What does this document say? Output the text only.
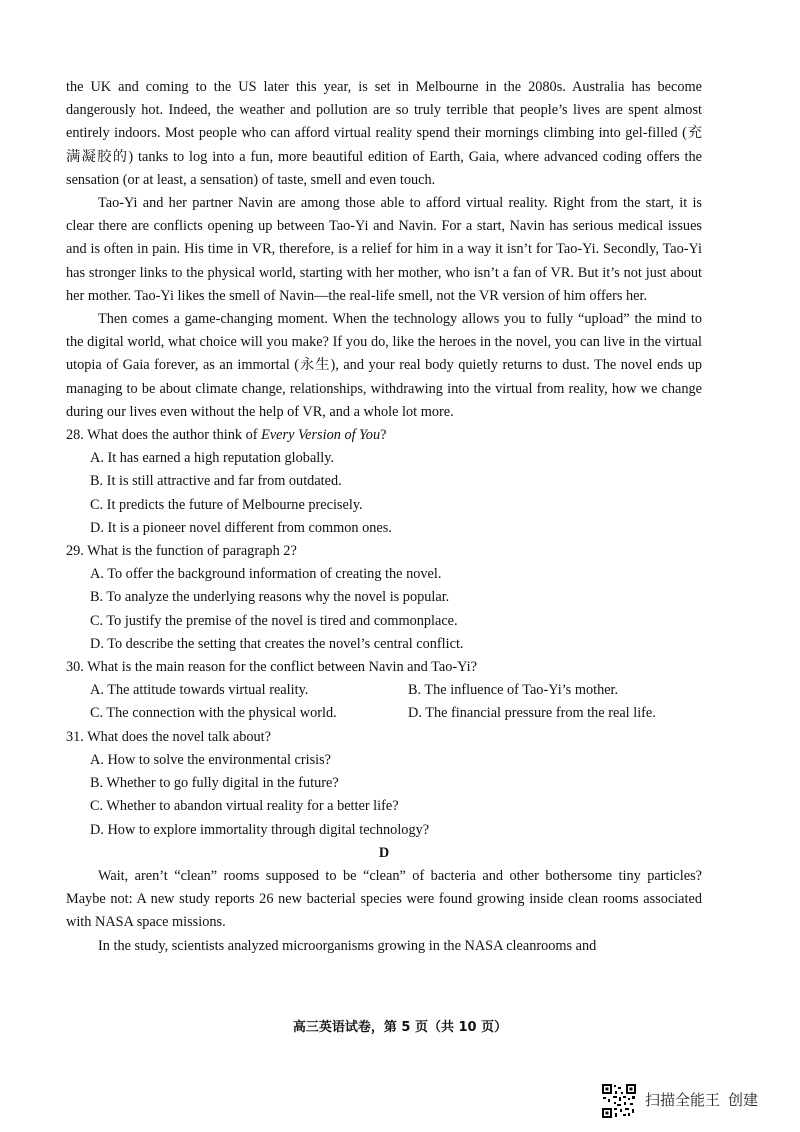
the UK and coming to the US later this year, is set in Melbourne in the 2080s. Australia has become dangerously hot. Indeed, the weather and pollution are so truly terrible that people’s lives are spent almost entirely indoors. Most people who can afford virtual reality spend their mornings climbing into gel-filled (充满凝胶的) tanks to log into a fun, more beautiful edition of Earth, Gaia, where advanced coding offers the sensation (or at least, a sensation) of taste, smell and even touch.

Tao-Yi and her partner Navin are among those able to afford virtual reality. Right from the start, it is clear there are conflicts opening up between Tao-Yi and Navin. For a start, Navin has serious medical issues and is often in pain. His time in VR, therefore, is a relief for him in a way it isn’t for Tao-Yi. Secondly, Tao-Yi has stronger links to the physical world, starting with her mother, who isn’t a fan of VR. But it’s not just about her mother. Tao-Yi likes the smell of Navin—the real-life smell, not the VR version of him offers her.

Then comes a game-changing moment. When the technology allows you to fully “upload” the mind to the digital world, what choice will you make? If you do, like the heroes in the novel, you can live in the virtual utopia of Gaia forever, as an immortal (永生), and your real body quietly returns to dust. The novel ends up managing to be about climate change, relationships, withdrawing into the virtual from reality, how we change during our lives even without the help of VR, and a whole lot more.

28. What does the author think of Every Version of You?

A. It has earned a high reputation globally.

B. It is still attractive and far from outdated.

C. It predicts the future of Melbourne precisely.

D. It is a pioneer novel different from common ones.

29. What is the function of paragraph 2?

A. To offer the background information of creating the novel.

B. To analyze the underlying reasons why the novel is popular.

C. To justify the premise of the novel is tired and commonplace.

D. To describe the setting that creates the novel’s central conflict.

30. What is the main reason for the conflict between Navin and Tao-Yi?

A. The attitude towards virtual reality.	B. The influence of Tao-Yi’s mother.
C. The connection with the physical world.	D. The financial pressure from the real life.

31. What does the novel talk about?

A. How to solve the environmental crisis?

B. Whether to go fully digital in the future?

C. Whether to abandon virtual reality for a better life?

D. How to explore immortality through digital technology?

D

Wait, aren’t “clean” rooms supposed to be “clean” of bacteria and other bothersome tiny particles? Maybe not: A new study reports 26 new bacterial species were found growing inside clean rooms associated with NASA space missions.

In the study, scientists analyzed microorganisms growing in the NASA cleanrooms and

高三英语试卷，第 5 页（共 10 页）
扫描全能王 创建
